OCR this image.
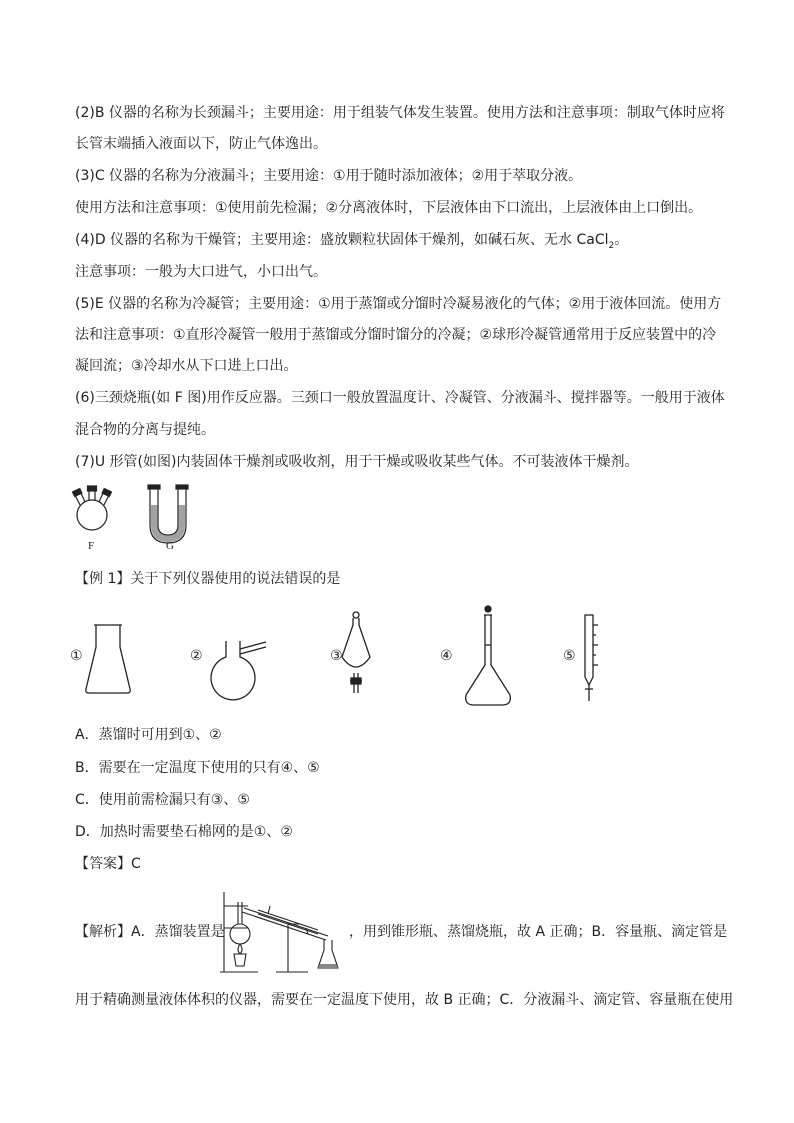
(2)B 仪器的名称为长颈漏斗；主要用途：用于组装气体发生装置。使用方法和注意事项：制取气体时应将
长管末端插入液面以下，防止气体逸出。
(3)C 仪器的名称为分液漏斗；主要用途：①用于随时添加液体；②用于萃取分液。
使用方法和注意事项：①使用前先检漏；②分离液体时，下层液体由下口流出，上层液体由上口倒出。
(4)D 仪器的名称为干燥管；主要用途：盛放颗粒状固体干燥剂，如碱石灰、无水 CaCl$_2$。
注意事项：一般为大口进气，小口出气。
(5)E 仪器的名称为冷凝管；主要用途：①用于蒸馏或分馏时冷凝易液化的气体；②用于液体回流。使用方
法和注意事项：①直形冷凝管一般用于蒸馏或分馏时馏分的冷凝；②球形冷凝管通常用于反应装置中的冷
凝回流；③冷却水从下口进上口出。
(6)三颈烧瓶(如 F 图)用作反应器。三颈口一般放置温度计、冷凝管、分液漏斗、搅拌器等。一般用于液体
混合物的分离与提纯。
(7)U 形管(如图)内装固体干燥剂或吸收剂，用于干燥或吸收某些气体。不可装液体干燥剂。
F	G
【例 1】关于下列仪器使用的说法错误的是
①	②	③	④	⑤
A．蒸馏时可用到①、②
B．需要在一定温度下使用的只有④、⑤
C．使用前需检漏只有③、⑤
D．加热时需要垫石棉网的是①、②
【答案】C
【解析】A．蒸馏装置是	，用到锥形瓶、蒸馏烧瓶，故 A 正确；B．容量瓶、滴定管是
用于精确测量液体体积的仪器，需要在一定温度下使用，故 B 正确；C．分液漏斗、滴定管、容量瓶在使用
